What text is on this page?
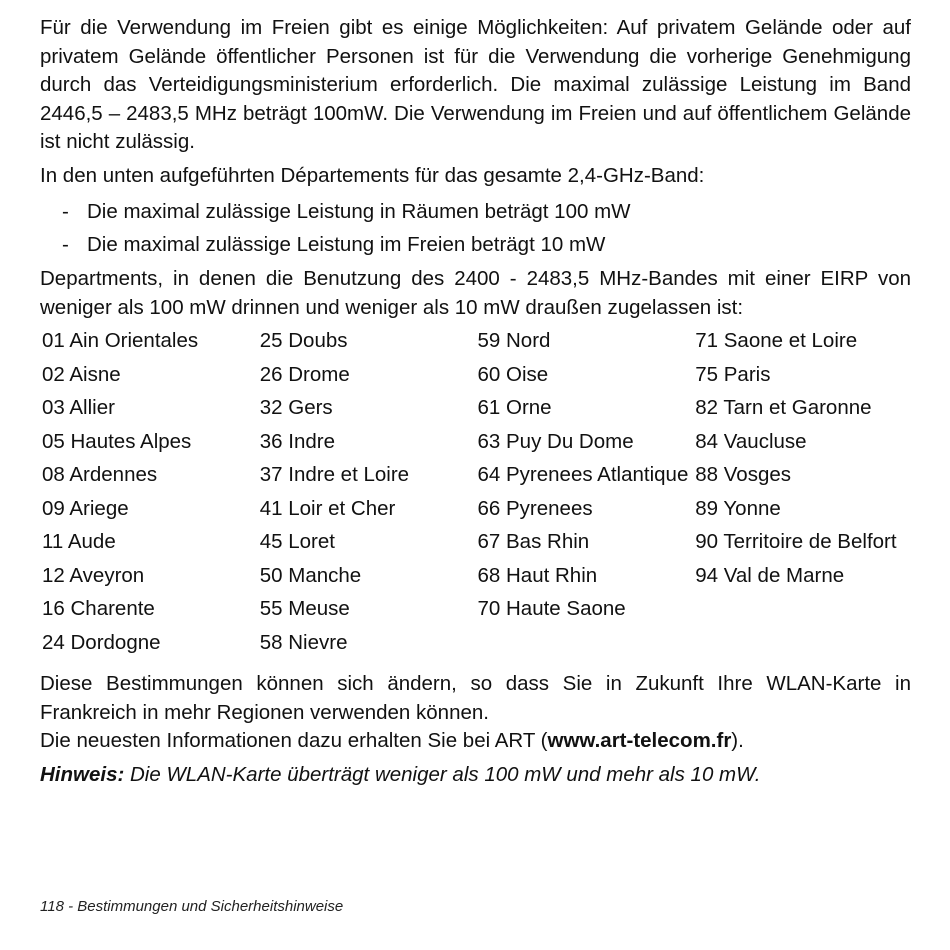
Für die Verwendung im Freien gibt es einige Möglichkeiten: Auf privatem Gelände oder auf privatem Gelände öffentlicher Personen ist für die Verwendung die vorherige Genehmigung durch das Verteidigungsministerium erforderlich. Die maximal zulässige Leistung im Band 2446,5 – 2483,5 MHz beträgt 100mW. Die Verwendung im Freien und auf öffentlichem Gelände ist nicht zulässig.

In den unten aufgeführten Départements für das gesamte 2,4-GHz-Band:

- Die maximal zulässige Leistung in Räumen beträgt 100 mW
- Die maximal zulässige Leistung im Freien beträgt 10 mW

Departments, in denen die Benutzung des 2400 - 2483,5 MHz-Bandes mit einer EIRP von weniger als 100 mW drinnen und weniger als 10 mW draußen zugelassen ist:

01 Ain Orientales
02 Aisne
03 Allier
05 Hautes Alpes
08 Ardennes
09 Ariege
11 Aude
12 Aveyron
16 Charente
24 Dordogne
25 Doubs
26 Drome
32 Gers
36 Indre
37 Indre et Loire
41 Loir et Cher
45 Loret
50 Manche
55 Meuse
58 Nievre
59 Nord
60 Oise
61 Orne
63 Puy Du Dome
64 Pyrenees Atlantique
66 Pyrenees
67 Bas Rhin
68 Haut Rhin
70 Haute Saone
71 Saone et Loire
75 Paris
82 Tarn et Garonne
84 Vaucluse
88 Vosges
89 Yonne
90 Territoire de Belfort
94 Val de Marne

Diese Bestimmungen können sich ändern, so dass Sie in Zukunft Ihre WLAN-Karte in Frankreich in mehr Regionen verwenden können.

Die neuesten Informationen dazu erhalten Sie bei ART (www.art-telecom.fr).

Hinweis: Die WLAN-Karte überträgt weniger als 100 mW und mehr als 10 mW.

118 - Bestimmungen und Sicherheitshinweise
